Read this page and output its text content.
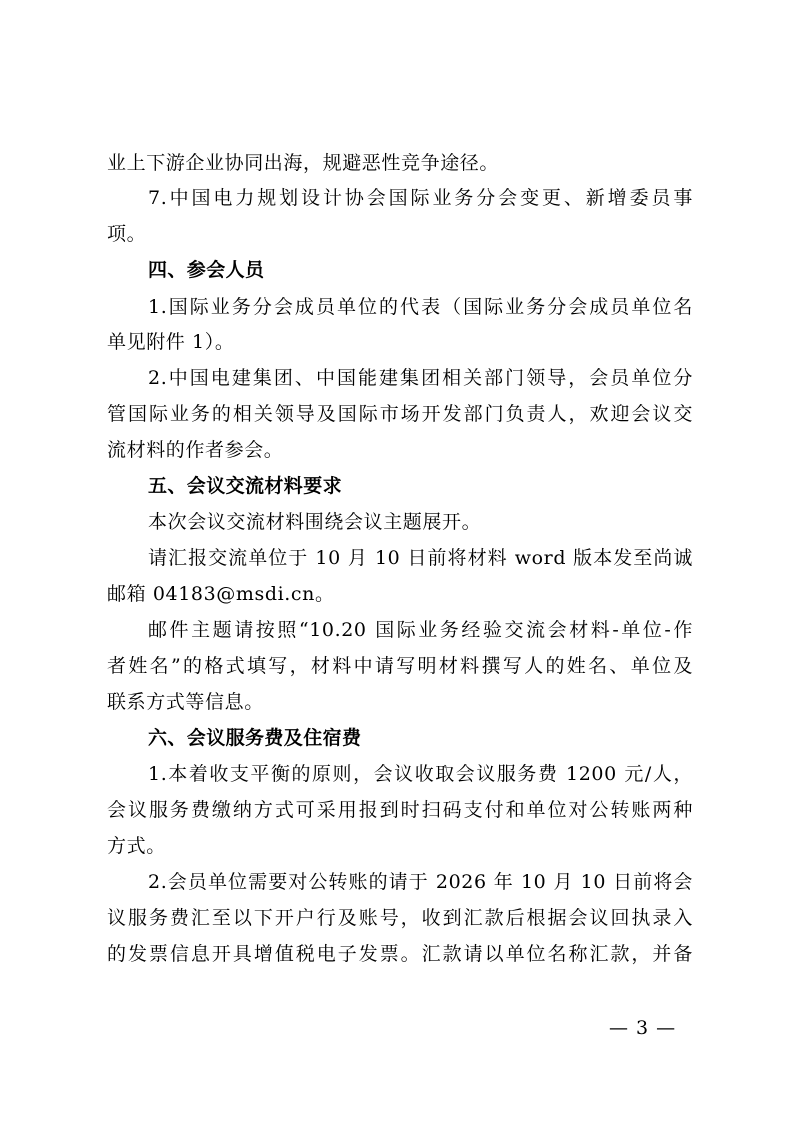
业上下游企业协同出海，规避恶性竞争途径。
7.中国电力规划设计协会国际业务分会变更、新增委员事
项。
四、参会人员
1.国际业务分会成员单位的代表（国际业务分会成员单位名
单见附件 1）。
2.中国电建集团、中国能建集团相关部门领导，会员单位分
管国际业务的相关领导及国际市场开发部门负责人，欢迎会议交
流材料的作者参会。
五、会议交流材料要求
本次会议交流材料围绕会议主题展开。
请汇报交流单位于 10 月 10 日前将材料 word 版本发至尚诚
邮箱 04183@msdi.cn。
邮件主题请按照“10.20 国际业务经验交流会材料-单位-作
者姓名”的格式填写，材料中请写明材料撰写人的姓名、单位及
联系方式等信息。
六、会议服务费及住宿费
1.本着收支平衡的原则，会议收取会议服务费 1200 元/人，
会议服务费缴纳方式可采用报到时扫码支付和单位对公转账两种
方式。
2.会员单位需要对公转账的请于 2026 年 10 月 10 日前将会
议服务费汇至以下开户行及账号，收到汇款后根据会议回执录入
的发票信息开具增值税电子发票。汇款请以单位名称汇款，并备
— 3 —
